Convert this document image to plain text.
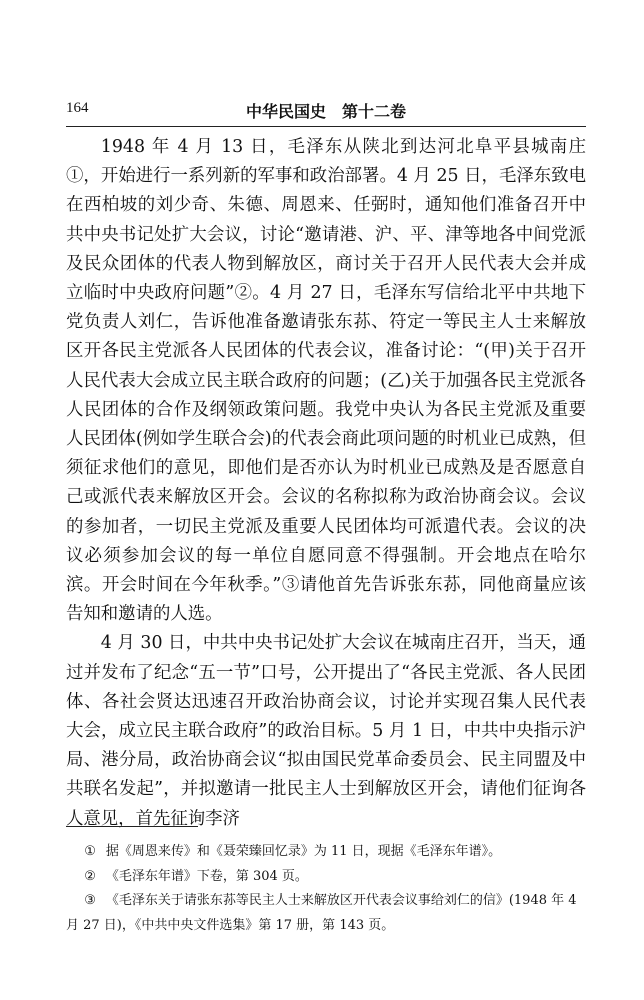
164	中华民国史　第十二卷

1948 年 4 月 13 日，毛泽东从陕北到达河北阜平县城南庄①，开始进行一系列新的军事和政治部署。4 月 25 日，毛泽东致电在西柏坡的刘少奇、朱德、周恩来、任弼时，通知他们准备召开中共中央书记处扩大会议，讨论“邀请港、沪、平、津等地各中间党派及民众团体的代表人物到解放区，商讨关于召开人民代表大会并成立临时中央政府问题”②。4 月 27 日，毛泽东写信给北平中共地下党负责人刘仁，告诉他准备邀请张东荪、符定一等民主人士来解放区开各民主党派各人民团体的代表会议，准备讨论：“(甲)关于召开人民代表大会成立民主联合政府的问题；(乙)关于加强各民主党派各人民团体的合作及纲领政策问题。我党中央认为各民主党派及重要人民团体(例如学生联合会)的代表会商此项问题的时机业已成熟，但须征求他们的意见，即他们是否亦认为时机业已成熟及是否愿意自己或派代表来解放区开会。会议的名称拟称为政治协商会议。会议的参加者，一切民主党派及重要人民团体均可派遣代表。会议的决议必须参加会议的每一单位自愿同意不得强制。开会地点在哈尔滨。开会时间在今年秋季。”③请他首先告诉张东荪，同他商量应该告知和邀请的人选。

4 月 30 日，中共中央书记处扩大会议在城南庄召开，当天，通过并发布了纪念“五一节”口号，公开提出了“各民主党派、各人民团体、各社会贤达迅速召开政治协商会议，讨论并实现召集人民代表大会，成立民主联合政府”的政治目标。5 月 1 日，中共中央指示沪局、港分局，政治协商会议“拟由国民党革命委员会、民主同盟及中共联名发起”，并拟邀请一批民主人士到解放区开会，请他们征询各人意见，首先征询李济

① 据《周恩来传》和《聂荣臻回忆录》为 11 日，现据《毛泽东年谱》。

② 《毛泽东年谱》下卷，第 304 页。

③ 《毛泽东关于请张东荪等民主人士来解放区开代表会议事给刘仁的信》(1948 年 4 月 27 日)，《中共中央文件选集》第 17 册，第 143 页。
